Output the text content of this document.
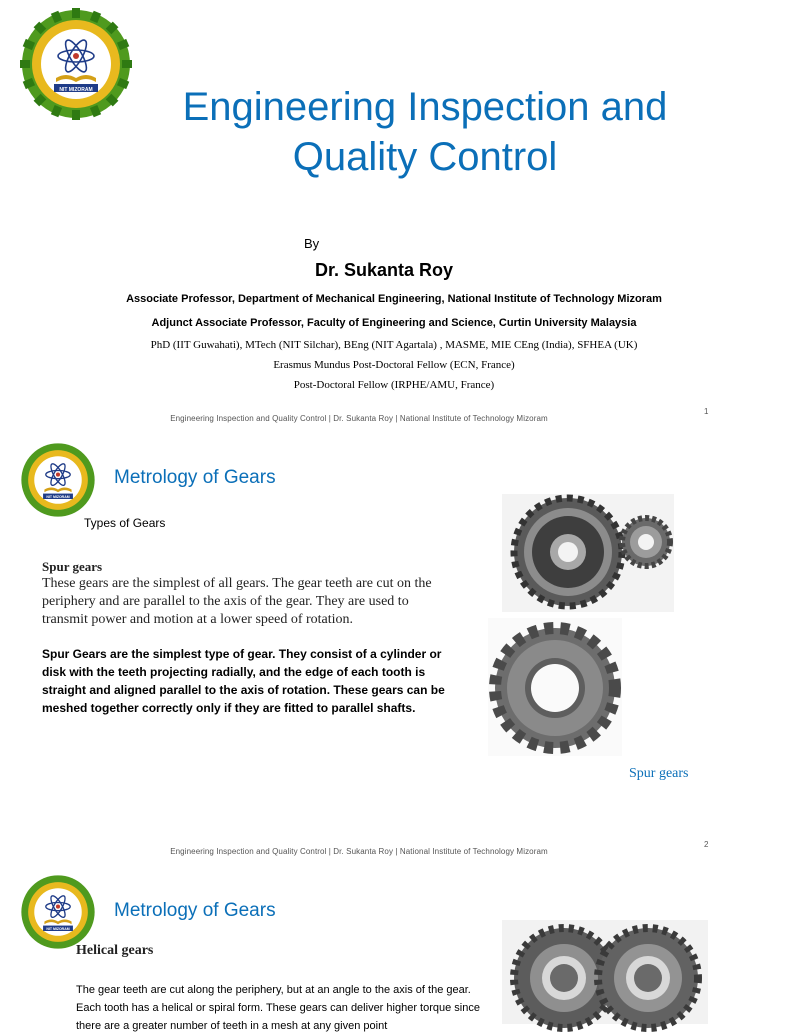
NIT MIZORAM	Engineering Inspection and
Quality Control
By
Dr. Sukanta Roy
Associate Professor, Department of Mechanical Engineering, National Institute of Technology Mizoram
Adjunct Associate Professor, Faculty of Engineering and Science, Curtin University Malaysia
PhD (IIT Guwahati), MTech (NIT Silchar), BEng (NIT Agartala) , MASME, MIE CEng (India), SFHEA (UK)
Erasmus Mundus Post-Doctoral Fellow (ECN, France)
Post-Doctoral Fellow (IRPHE/AMU, France)
Engineering Inspection and Quality Control | Dr. Sukanta Roy | National Institute of Technology Mizoram
1
NIT MIZORAM
Metrology of Gears
Types of Gears
Spur gears
These gears are the simplest of all gears. The gear teeth are cut on the periphery and are parallel to the axis of the gear. They are used to transmit power and motion at a lower speed of rotation.
Spur Gears are the simplest type of gear. They consist of a cylinder or disk with the teeth projecting radially, and the edge of each tooth is straight and aligned parallel to the axis of rotation. These gears can be meshed together correctly only if they are fitted to parallel shafts.
Spur gears
Engineering Inspection and Quality Control | Dr. Sukanta Roy | National Institute of Technology Mizoram
2
NIT MIZORAM
Metrology of Gears
Helical gears
The gear teeth are cut along the periphery, but at an angle to the axis of the gear. Each tooth has a helical or spiral form. These gears can deliver higher torque since there are a greater number of teeth in a mesh at any given point
